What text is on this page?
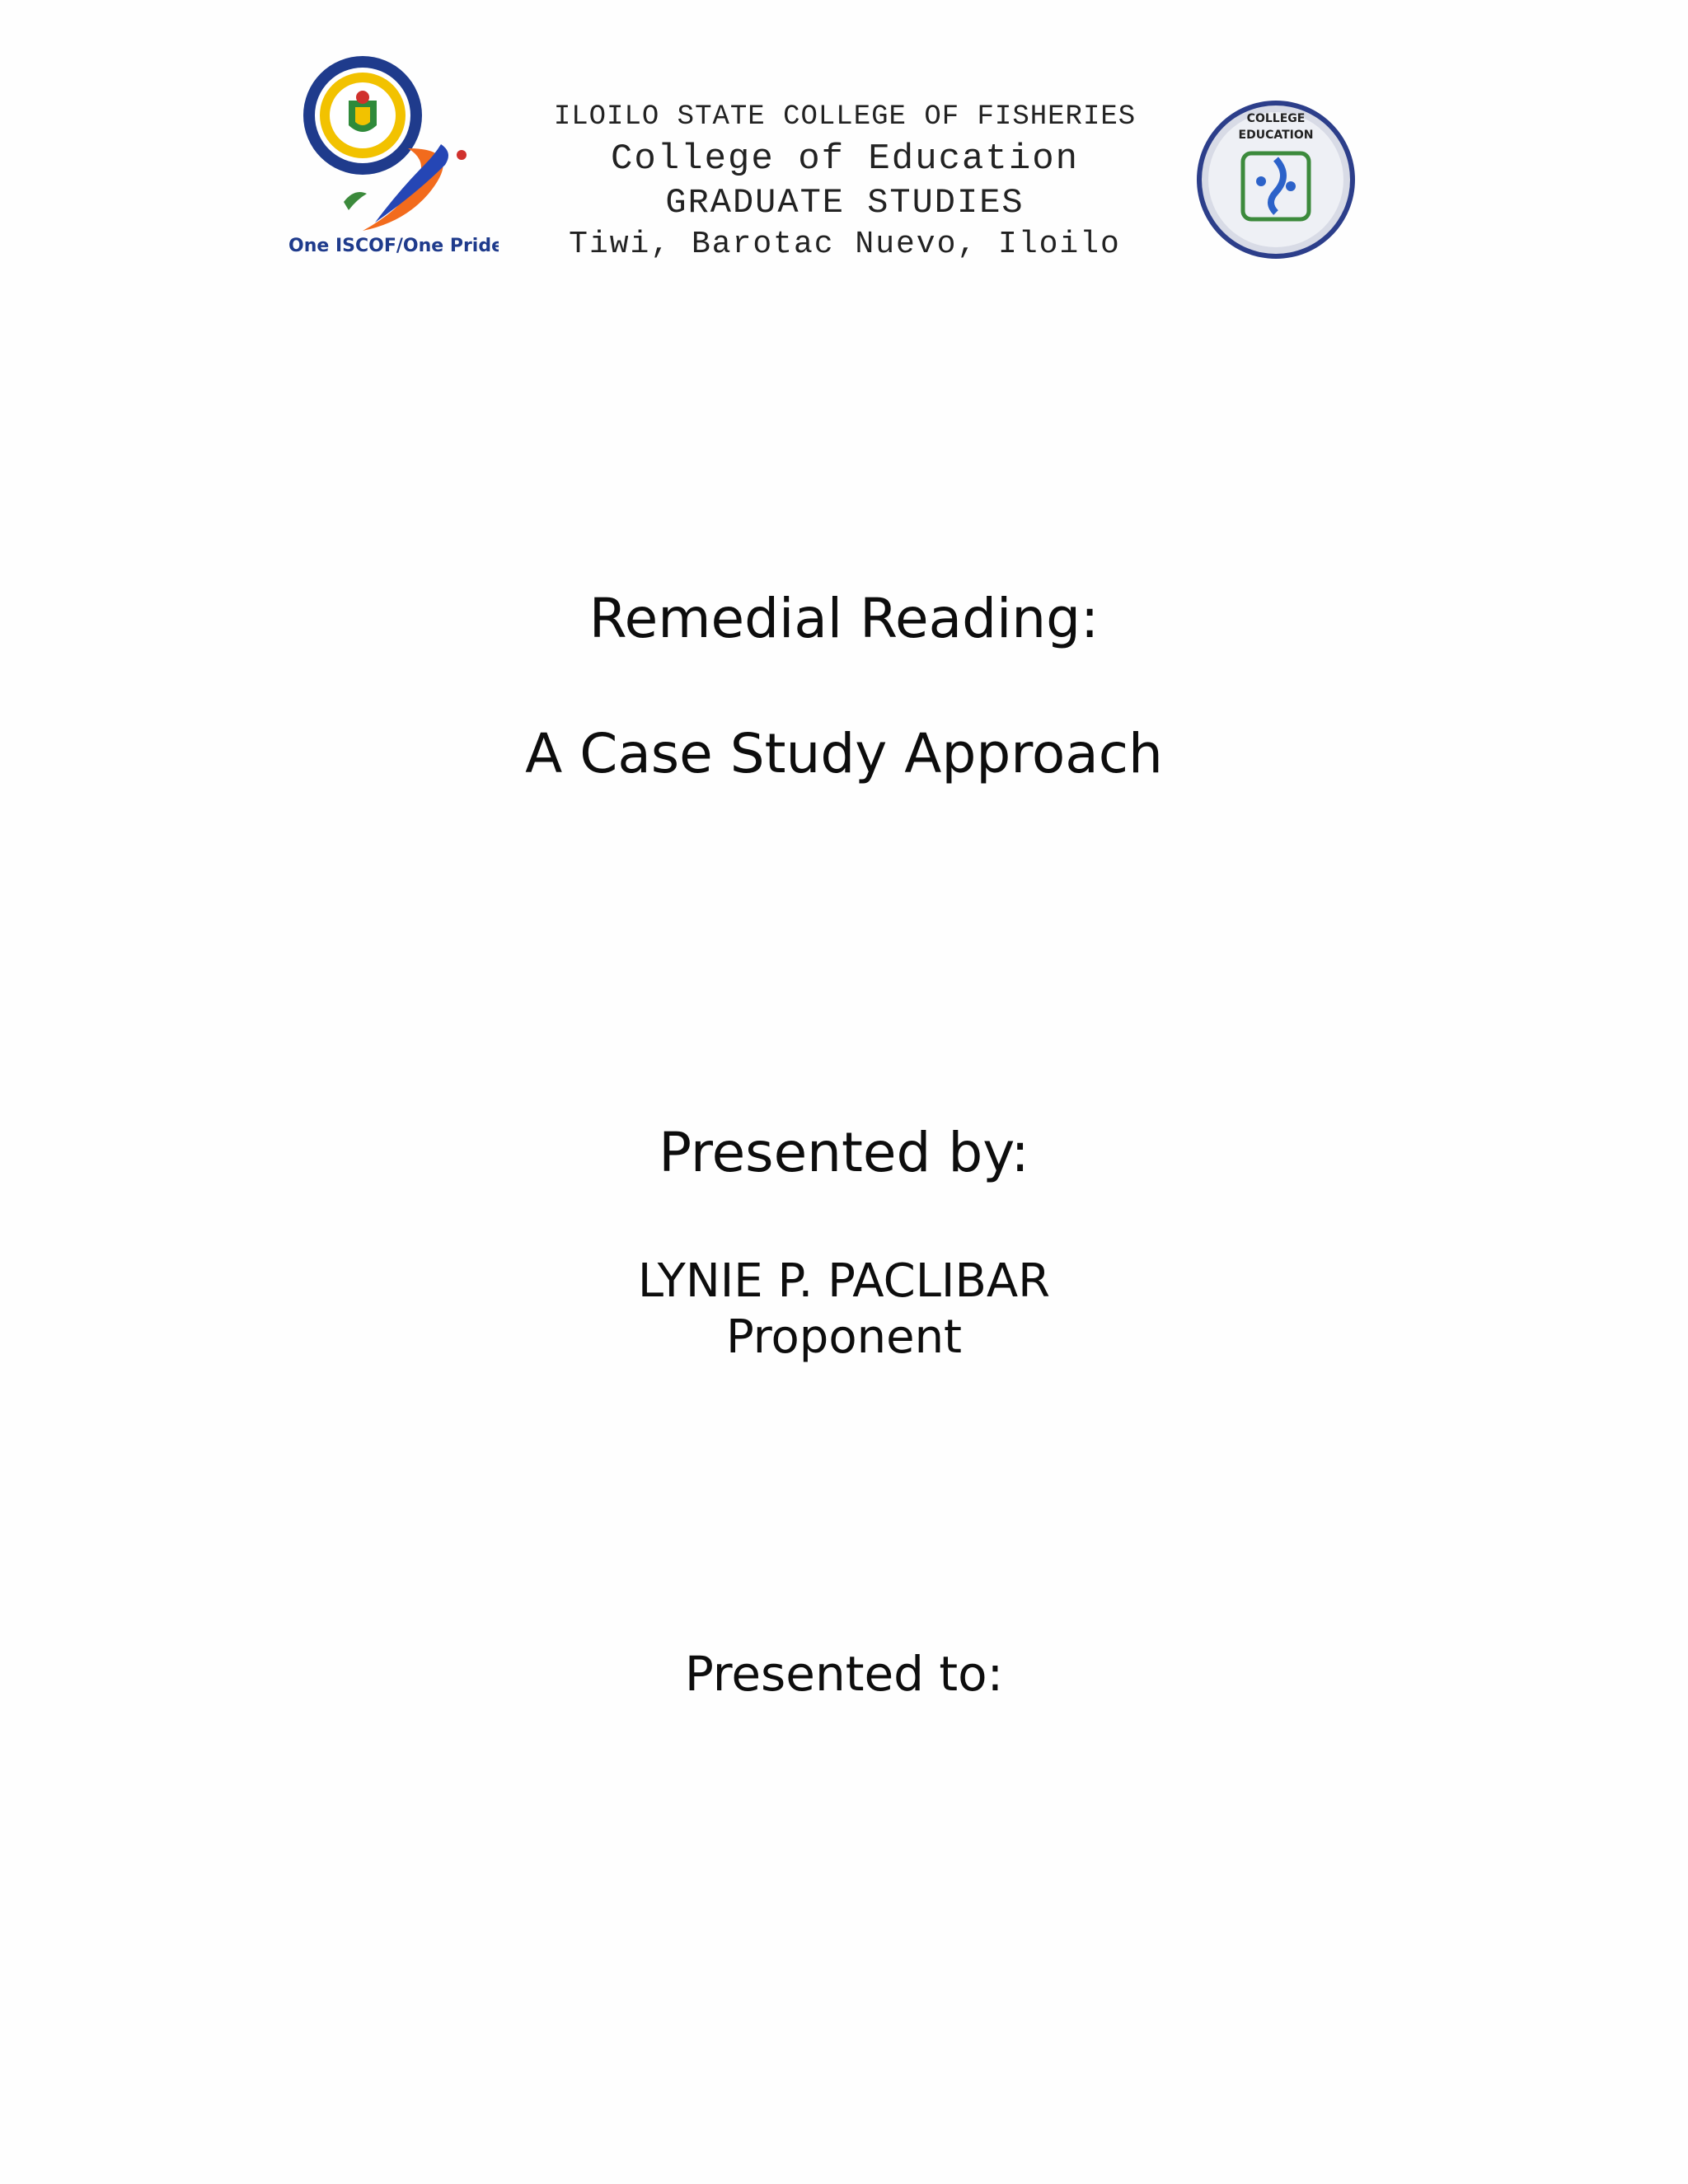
One ISCOF/One Pride
ILOILO STATE COLLEGE OF FISHERIES
College of Education
GRADUATE STUDIES
Tiwi, Barotac Nuevo, Iloilo
COLLEGE
EDUCATION
Remedial Reading:
A Case Study Approach
Presented by:
LYNIE P. PACLIBAR
Proponent
Presented to:
